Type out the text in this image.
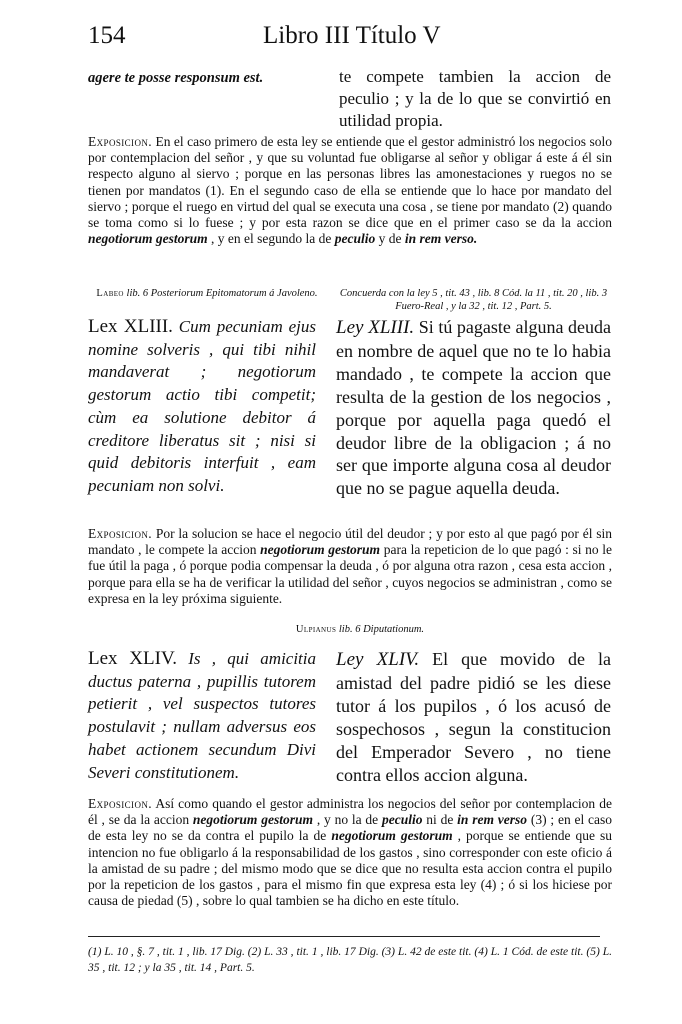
154	Libro III Título V
agere te posse responsum est.	te compete tambien la accion de peculio ; y la de lo que se convirtió en utilidad propia.
Exposicion. En el caso primero de esta ley se entiende que el gestor administró los negocios solo por contemplacion del señor , y que su voluntad fue obligarse al señor y obligar á este á él sin respecto alguno al siervo ; porque en las personas libres las amonestaciones y ruegos no se tienen por mandatos (1). En el segundo caso de ella se entiende que lo hace por mandato del siervo ; porque el ruego en virtud del qual se executa una cosa , se tiene por mandato (2) quando se toma como si lo fuese ; y por esta razon se dice que en el primer caso se da la accion negotiorum gestorum , y en el segundo la de peculio y de in rem verso.
Labeo lib. 6 Posteriorum Epitomatorum á Javoleno.	Concuerda con la ley 5 , tit. 43 , lib. 8 Cód. la 11 , tit. 20 , lib. 3 Fuero-Real , y la 32 , tit. 12 , Part. 5.
Lex XLIII. Cum pecuniam ejus nomine solveris , qui tibi nihil mandaverat ; negotiorum gestorum actio tibi competit; cùm ea solutione debitor á creditore liberatus sit ; nisi si quid debitoris interfuit , eam pecuniam non solvi.
Ley XLIII. Si tú pagaste alguna deuda en nombre de aquel que no te lo habia mandado , te compete la accion que resulta de la gestion de los negocios , porque por aquella paga quedó el deudor libre de la obligacion ; á no ser que importe alguna cosa al deudor que no se pague aquella deuda.
Exposicion. Por la solucion se hace el negocio útil del deudor ; y por esto al que pagó por él sin mandato , le compete la accion negotiorum gestorum para la repeticion de lo que pagó : si no le fue útil la paga , ó porque podia compensar la deuda , ó por alguna otra razon , cesa esta accion , porque para ella se ha de verificar la utilidad del señor , cuyos negocios se administran , como se expresa en la ley próxima siguiente.
Ulpianus lib. 6 Diputationum.
Lex XLIV. Is , qui amicitia ductus paterna , pupillis tutorem petierit , vel suspectos tutores postulavit ; nullam adversus eos habet actionem secundum Divi Severi constitutionem.
Ley XLIV. El que movido de la amistad del padre pidió se les diese tutor á los pupilos , ó los acusó de sospechosos , segun la constitucion del Emperador Severo , no tiene contra ellos accion alguna.
Exposicion. Así como quando el gestor administra los negocios del señor por contemplacion de él , se da la accion negotiorum gestorum , y no la de peculio ni de in rem verso (3) ; en el caso de esta ley no se da contra el pupilo la de negotiorum gestorum , porque se entiende que su intencion no fue obligarlo á la responsabilidad de los gastos , sino corresponder con este oficio á la amistad de su padre ; del mismo modo que se dice que no resulta esta accion contra el pupilo por la repeticion de los gastos , para el mismo fin que expresa esta ley (4) ; ó si los hiciese por causa de piedad (5) , sobre lo qual tambien se ha dicho en este título.
(1) L. 10 , §. 7 , tit. 1 , lib. 17 Dig. (2) L. 33 , tit. 1 , lib. 17 Dig. (3) L. 42 de este tit. (4) L. 1 Cód. de este tit. (5) L. 35 , tit. 12 ; y la 35 , tit. 14 , Part. 5.
